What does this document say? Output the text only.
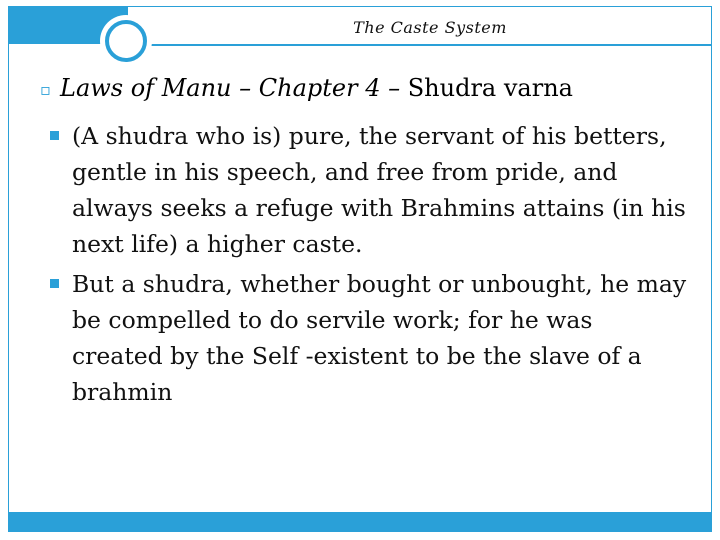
The Caste System
▫ Laws of Manu – Chapter 4 – Shudra varna
(A shudra who is) pure, the servant of his betters, gentle in his speech, and free from pride, and always seeks a refuge with Brahmins attains (in his next life) a higher caste.
But a shudra, whether bought or unbought, he may be compelled to do servile work; for he was created by the Self -existent to be the slave of a brahmin
